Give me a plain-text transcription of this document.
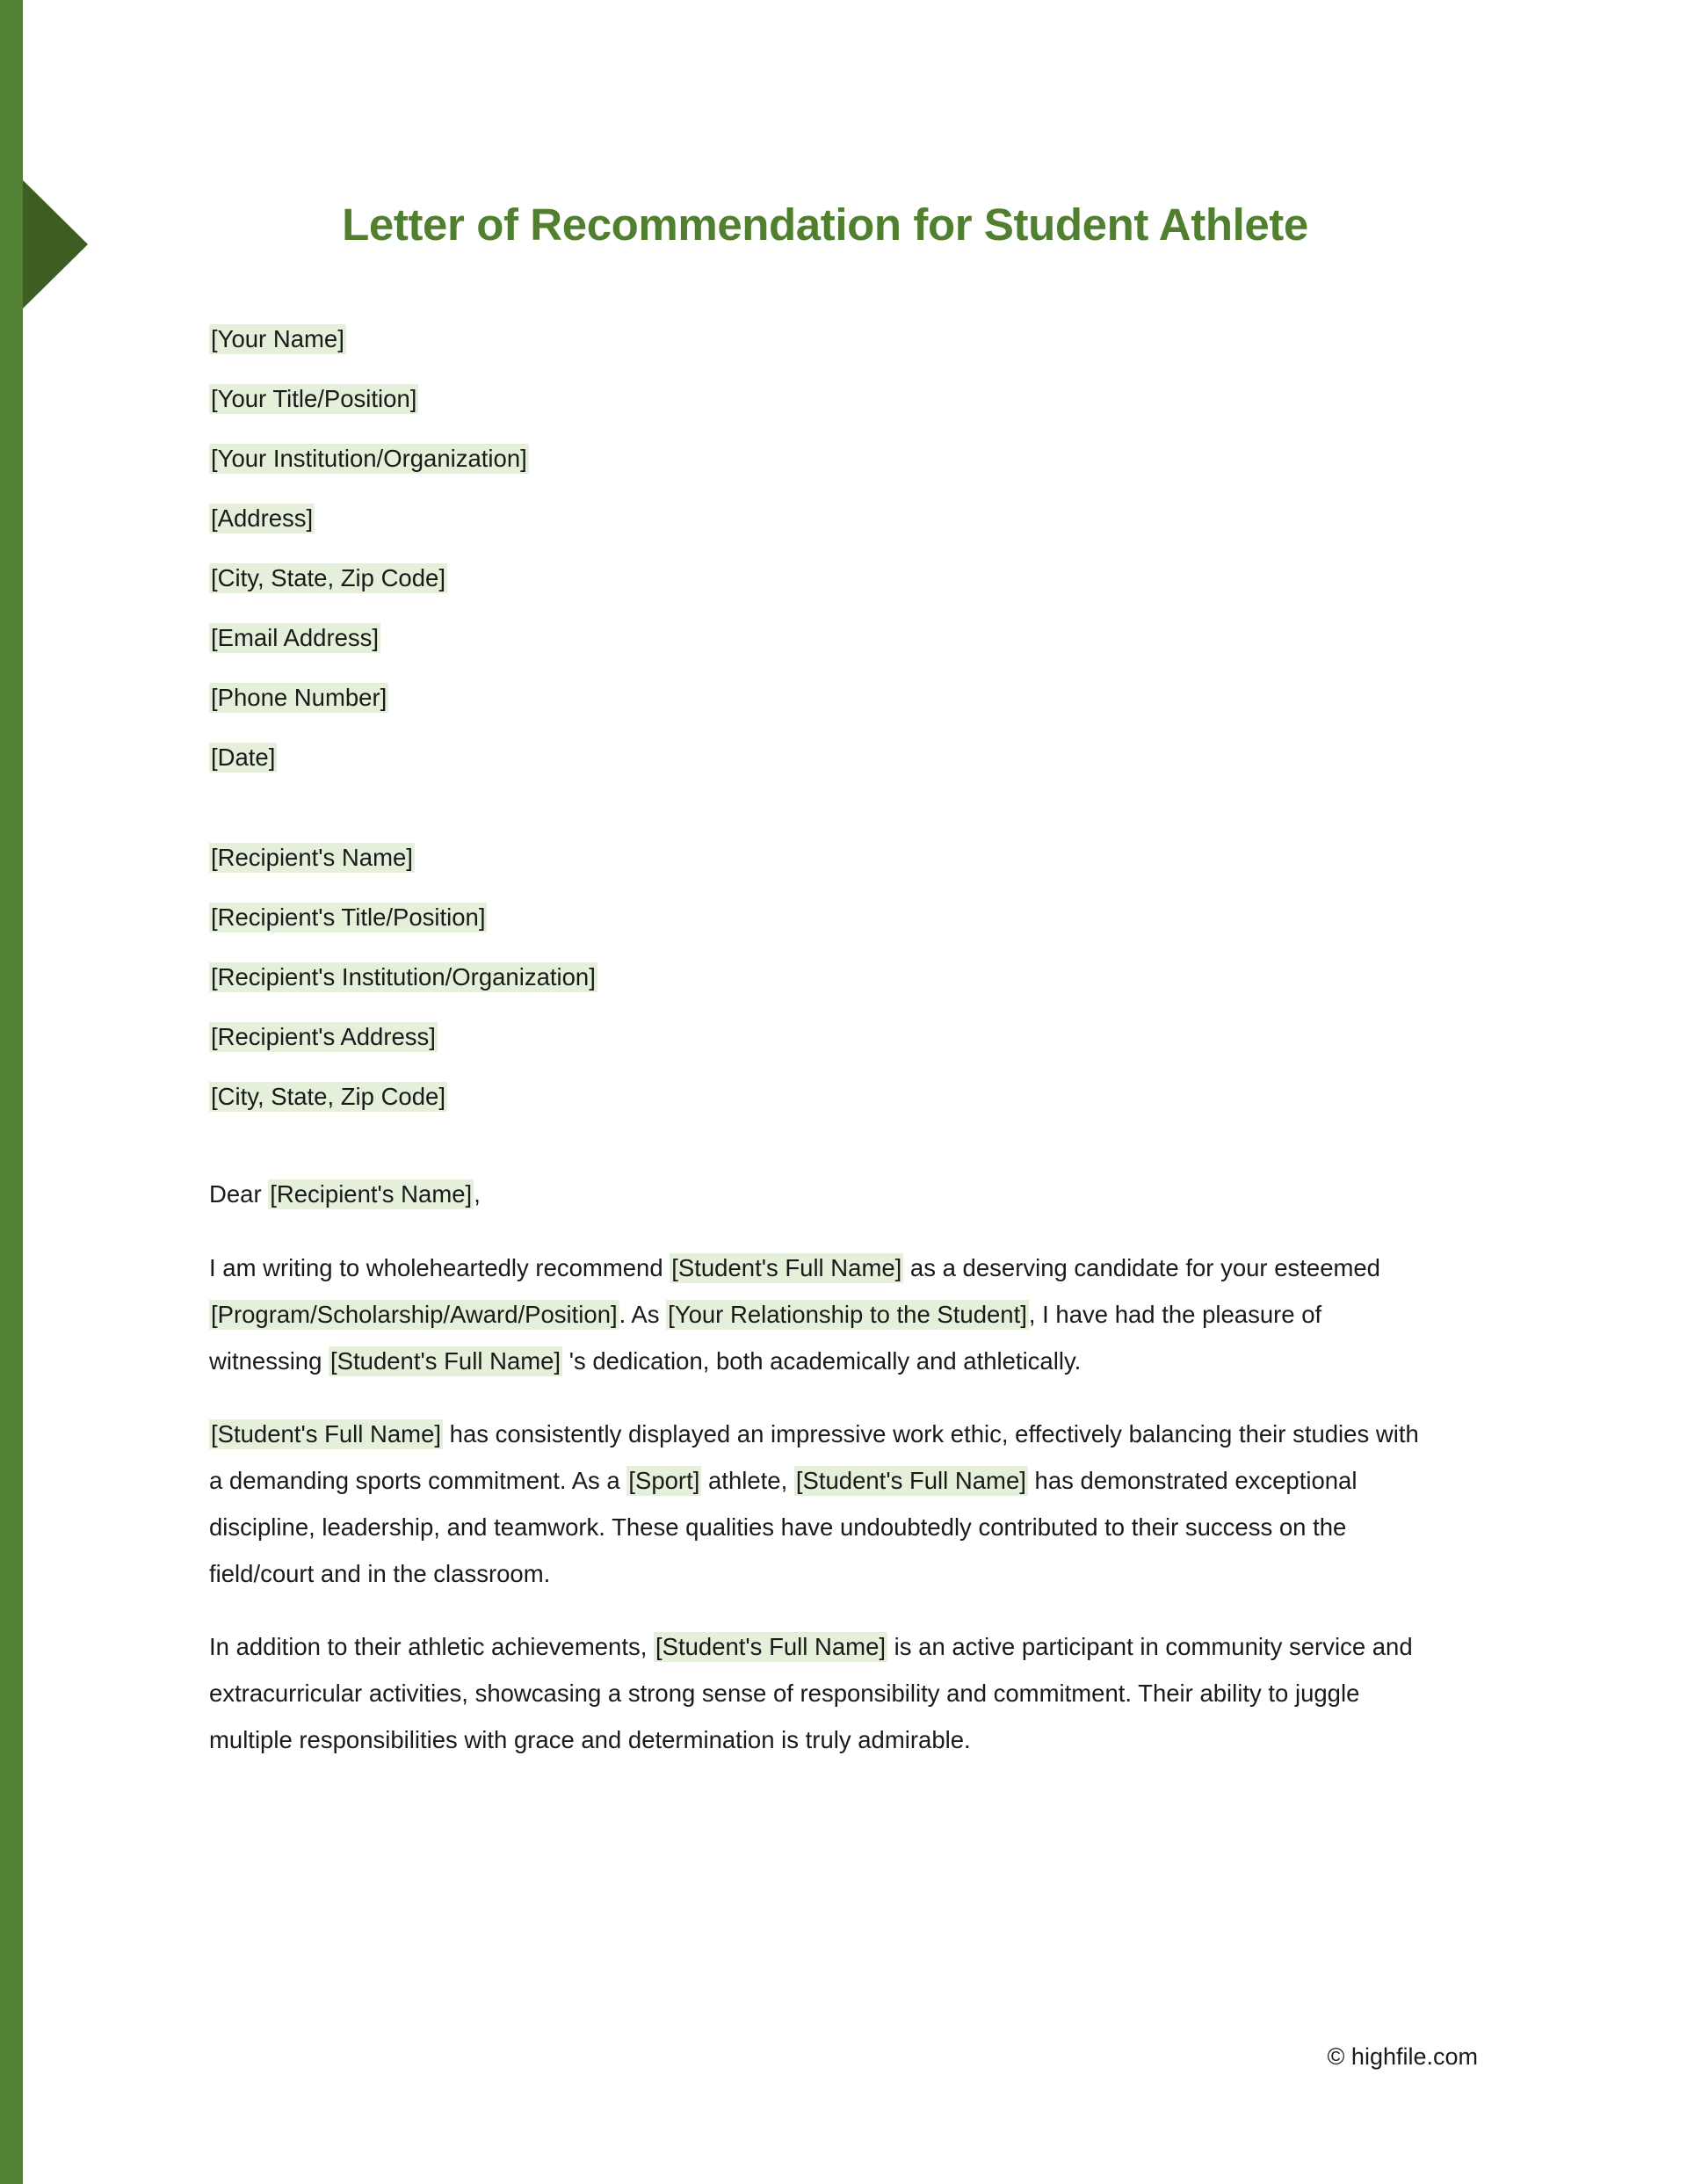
Letter of Recommendation for Student Athlete
[Your Name]
[Your Title/Position]
[Your Institution/Organization]
[Address]
[City, State, Zip Code]
[Email Address]
[Phone Number]
[Date]
[Recipient's Name]
[Recipient's Title/Position]
[Recipient's Institution/Organization]
[Recipient's Address]
[City, State, Zip Code]

Dear [Recipient's Name],

I am writing to wholeheartedly recommend [Student's Full Name] as a deserving candidate for your esteemed [Program/Scholarship/Award/Position]. As [Your Relationship to the Student], I have had the pleasure of witnessing [Student's Full Name] 's dedication, both academically and athletically.

[Student's Full Name] has consistently displayed an impressive work ethic, effectively balancing their studies with a demanding sports commitment. As a [Sport] athlete, [Student's Full Name] has demonstrated exceptional discipline, leadership, and teamwork. These qualities have undoubtedly contributed to their success on the field/court and in the classroom.

In addition to their athletic achievements, [Student's Full Name] is an active participant in community service and extracurricular activities, showcasing a strong sense of responsibility and commitment. Their ability to juggle multiple responsibilities with grace and determination is truly admirable.

© highfile.com
